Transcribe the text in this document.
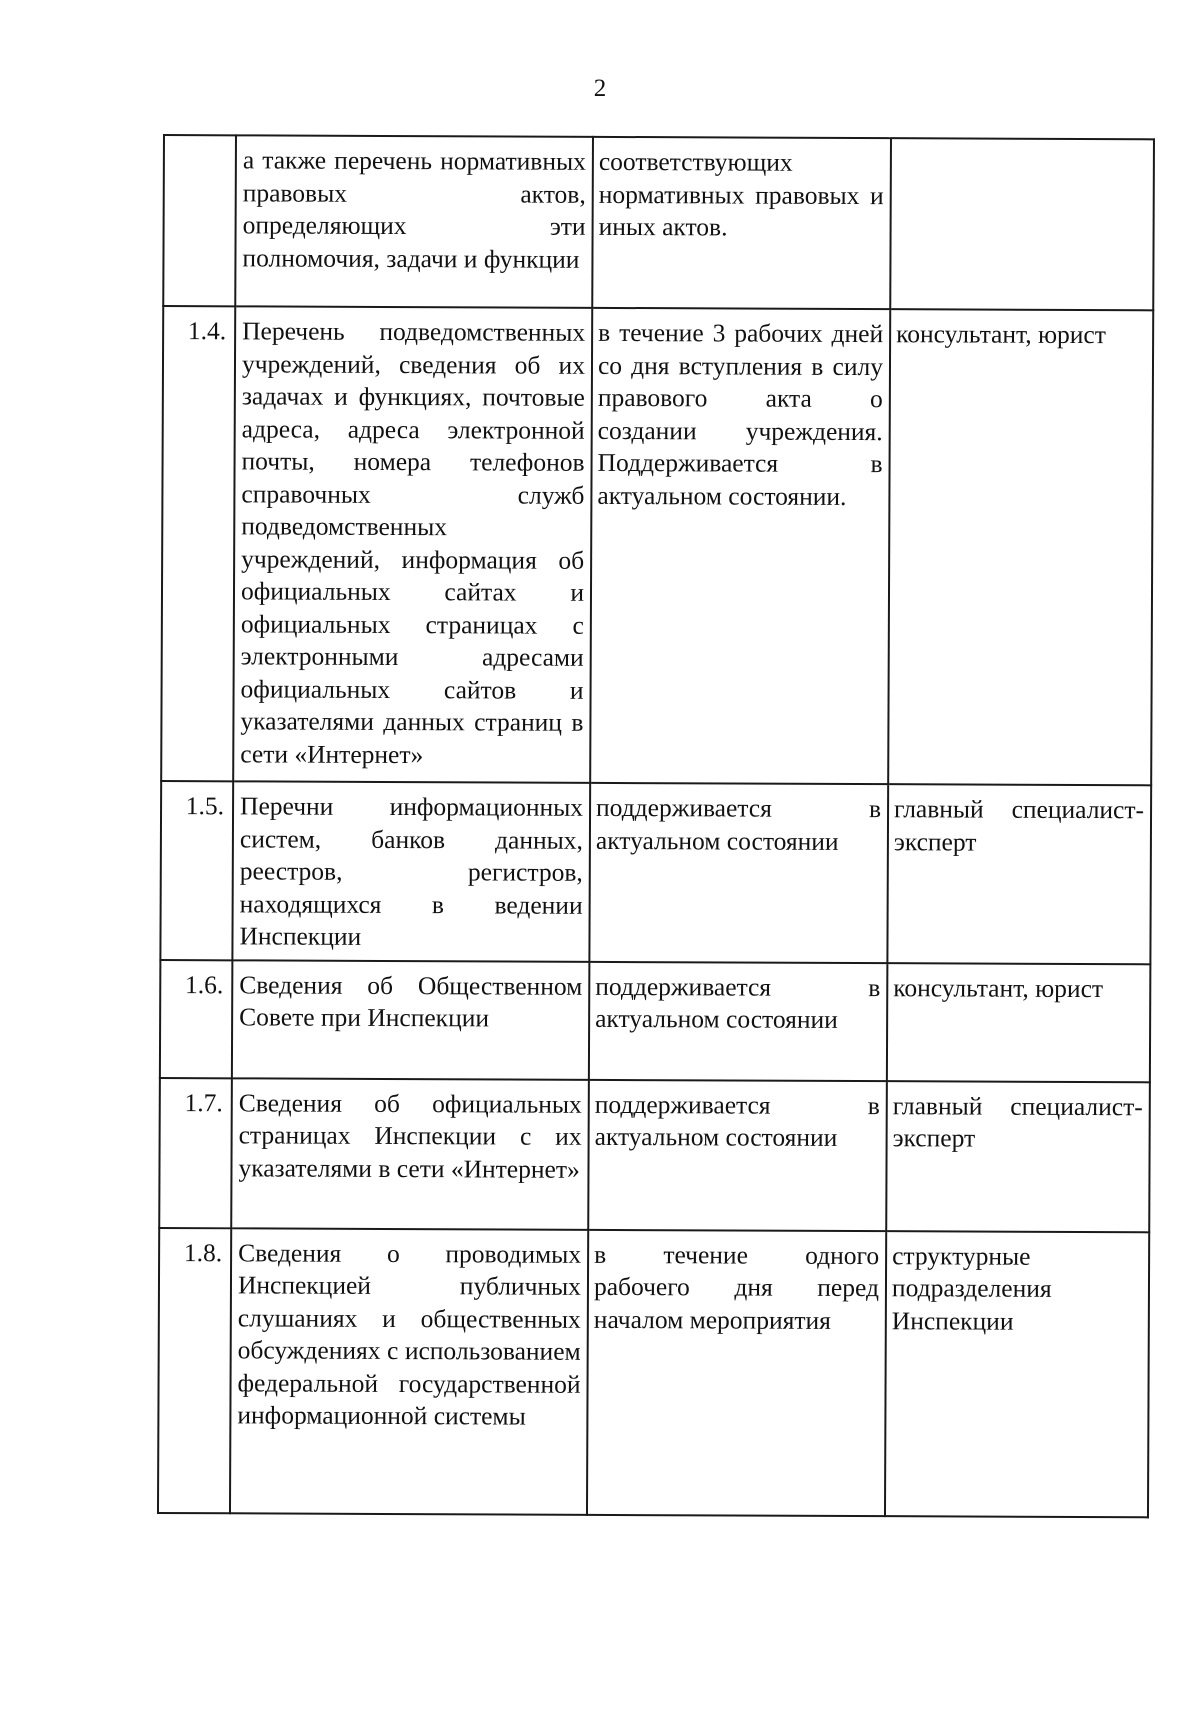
2
	а также перечень нормативных правовых актов, определяющих эти полномочия, задачи и функции	соответствующих нормативных правовых и иных актов.	
1.4.	Перечень подведомственных учреждений, сведения об их задачах и функциях, почтовые адреса, адреса электронной почты, номера телефонов справочных служб подведомственных учреждений, информация об официальных сайтах и официальных страницах с электронными адресами официальных сайтов и указателями данных страниц в сети «Интернет»	в течение 3 рабочих дней со дня вступления в силу правового акта о создании учреждения. Поддерживается в актуальном состоянии.	консультант, юрист
1.5.	Перечни информационных систем, банков данных, реестров, регистров, находящихся в ведении Инспекции	поддерживается в актуальном состоянии	главный специалист-эксперт
1.6.	Сведения об Общественном Совете при Инспекции	поддерживается в актуальном состоянии	консультант, юрист
1.7.	Сведения об официальных страницах Инспекции с их указателями в сети «Интернет»	поддерживается в актуальном состоянии	главный специалист-эксперт
1.8.	Сведения о проводимых Инспекцией публичных слушаниях и общественных обсуждениях с использованием федеральной государственной информационной системы	в течение одного рабочего дня перед началом мероприятия	структурные подразделения Инспекции
